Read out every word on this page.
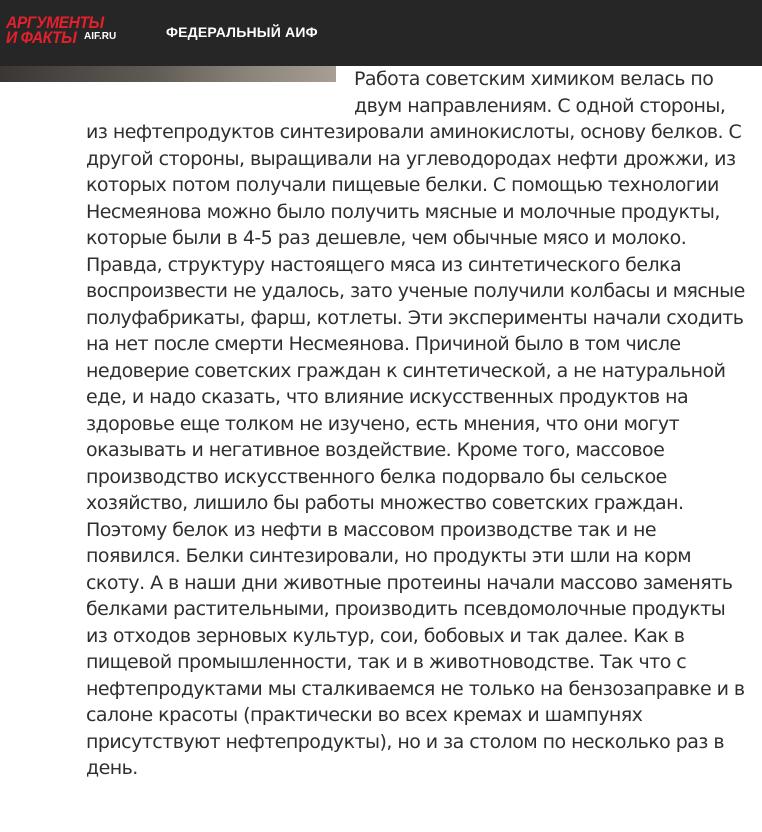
АРГУМЕНТЫ
И ФАКТЫ AIF.RU	ФЕДЕРАЛЬНЫЙ АИФ

Работа советским химиком велась по двум направлениям. С одной стороны, из нефтепродуктов синтезировали аминокислоты, основу белков. С другой стороны, выращивали на углеводородах нефти дрожжи, из которых потом получали пищевые белки. С помощью технологии Несмеянова можно было получить мясные и молочные продукты, которые были в 4-5 раз дешевле, чем обычные мясо и молоко. Правда, структуру настоящего мяса из синтетического белка воспроизвести не удалось, зато ученые получили колбасы и мясные полуфабрикаты, фарш, котлеты. Эти эксперименты начали сходить на нет после смерти Несмеянова. Причиной было в том числе недоверие советских граждан к синтетической, а не натуральной еде, и надо сказать, что влияние искусственных продуктов на здоровье еще толком не изучено, есть мнения, что они могут оказывать и негативное воздействие. Кроме того, массовое производство искусственного белка подорвало бы сельское хозяйство, лишило бы работы множество советских граждан. Поэтому белок из нефти в массовом производстве так и не появился. Белки синтезировали, но продукты эти шли на корм скоту. А в наши дни животные протеины начали массово заменять белками растительными, производить псевдомолочные продукты из отходов зерновых культур, сои, бобовых и так далее. Как в пищевой промышленности, так и в животноводстве. Так что с нефтепродуктами мы сталкиваемся не только на бензозаправке и в салоне красоты (практически во всех кремах и шампунях присутствуют нефтепродукты), но и за столом по несколько раз в день.
